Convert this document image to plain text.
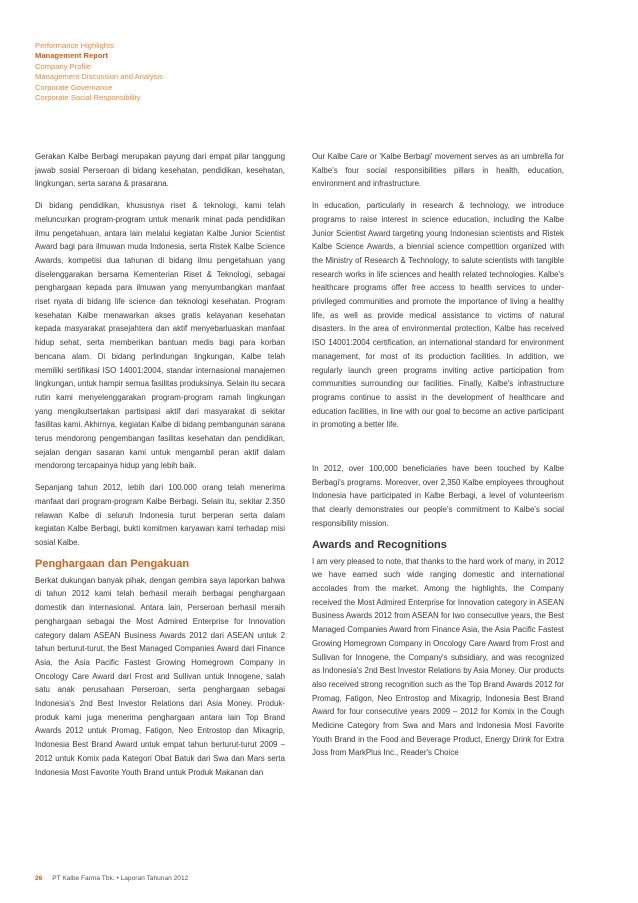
Performance Highlights
Management Report
Company Profile
Management Discussion and Analysis
Corporate Governance
Corporate Social Responsibility

Gerakan Kalbe Berbagi merupakan payung dari empat pilar tanggung jawab sosial Perseroan di bidang kesehatan, pendidikan, kesehatan, lingkungan, serta sarana & prasarana.

Di bidang pendidikan, khususnya riset & teknologi, kami telah meluncurkan program-program untuk menarik minat pada pendidikan ilmu pengetahuan, antara lain melalui kegiatan Kalbe Junior Scientist Award bagi para ilmuwan muda Indonesia, serta Ristek Kalbe Science Awards, kompetisi dua tahunan di bidang ilmu pengetahuan yang diselenggarakan bersama Kementerian Riset & Teknologi, sebagai penghargaan kepada para ilmuwan yang menyumbangkan manfaat riset nyata di bidang life science dan teknologi kesehatan. Program kesehatan Kalbe menawarkan akses gratis kelayanan kesehatan kepada masyarakat prasejahtera dan aktif menyebarluaskan manfaat hidup sehat, serta memberikan bantuan medis bagi para korban bencana alam. Di bidang perlindungan lingkungan, Kalbe telah memiliki sertifikasi ISO 14001:2004, standar internasional manajemen lingkungan, untuk hampir semua fasilitas produksinya. Selain itu secara rutin kami menyelenggarakan program-program ramah lingkungan yang mengikutsertakan partisipasi aktif dari masyarakat di sekitar fasilitas kami. Akhirnya, kegiatan Kalbe di bidang pembangunan sarana terus mendorong pengembangan fasilitas kesehatan dan pendidikan, sejalan dengan sasaran kami untuk mengambil peran aktif dalam mendorong tercapainya hidup yang lebih baik.

Sepanjang tahun 2012, lebih dari 100.000 orang telah menerima manfaat dari program-program Kalbe Berbagi. Selain itu, sekitar 2.350 relawan Kalbe di seluruh Indonesia turut berperan serta dalam kegiatan Kalbe Berbagi, bukti komitmen karyawan kami terhadap misi sosial Kalbe.

Penghargaan dan Pengakuan

Berkat dukungan banyak pihak, dengan gembira saya laporkan bahwa di tahun 2012 kami telah berhasil meraih berbagai penghargaan domestik dan internasional. Antara lain, Perseroan berhasil meraih penghargaan sebagai the Most Admired Enterprise for Innovation category dalam ASEAN Business Awards 2012 dari ASEAN untuk 2 tahun berturut-turut, the Best Managed Companies Award dari Finance Asia, the Asia Pacific Fastest Growing Homegrown Company in Oncology Care Award dari Frost and Sullivan untuk Innogene, salah satu anak perusahaan Perseroan, serta penghargaan sebagai Indonesia's 2nd Best Investor Relations dari Asia Money. Produk-produk kami juga menerima penghargaan antara lain Top Brand Awards 2012 untuk Promag, Fatigon, Neo Entrostop dan Mixagrip, Indonesia Best Brand Award untuk empat tahun berturut-turut 2009 – 2012 untuk Komix pada Kategori Obat Batuk dari Swa dan Mars serta Indonesia Most Favorite Youth Brand untuk Produk Makanan dan

Our Kalbe Care or 'Kalbe Berbagi' movement serves as an umbrella for Kalbe's four social responsibilities pillars in health, education, environment and infrastructure.

In education, particularly in research & technology, we introduce programs to raise interest in science education, including the Kalbe Junior Scientist Award targeting young Indonesian scientists and Ristek Kalbe Science Awards, a biennial science competition organized with the Ministry of Research & Technology, to salute scientists with tangible research works in life sciences and health related technologies. Kalbe's healthcare programs offer free access to health services to under-privileged communities and promote the importance of living a healthy life, as well as provide medical assistance to victims of natural disasters. In the area of environmental protection, Kalbe has received ISO 14001:2004 certification, an international standard for environment management, for most of its production facilities. In addition, we regularly launch green programs inviting active participation from communities surrounding our facilities. Finally, Kalbe's infrastructure programs continue to assist in the development of healthcare and education facilities, in line with our goal to become an active participant in promoting a better life.

In 2012, over 100,000 beneficiaries have been touched by Kalbe Berbagi's programs. Moreover, over 2,350 Kalbe employees throughout Indonesia have participated in Kalbe Berbagi, a level of volunteerism that clearly demonstrates our people's commitment to Kalbe's social responsibility mission.

Awards and Recognitions

I am very pleased to note, that thanks to the hard work of many, in 2012 we have earned such wide ranging domestic and international accolades from the market. Among the highlights, the Company received the Most Admired Enterprise for Innovation category in ASEAN Business Awards 2012 from ASEAN for two consecutive years, the Best Managed Companies Award from Finance Asia, the Asia Pacific Fastest Growing Homegrown Company in Oncology Care Award from Frost and Sullivan for Innogene, the Company's subsidiary, and was recognized as Indonesia's 2nd Best Investor Relations by Asia Money. Our products also received strong recognition such as the Top Brand Awards 2012 for Promag, Fatigon, Neo Entrostop and Mixagrip, Indonesia Best Brand Award for four consecutive years 2009 – 2012 for Komix in the Cough Medicine Category from Swa and Mars and Indonesia Most Favorite Youth Brand in the Food and Beverage Product, Energy Drink for Extra Joss from MarkPlus Inc., Reader's Choice

26 PT Kalbe Farma Tbk. • Laporan Tahunan 2012
